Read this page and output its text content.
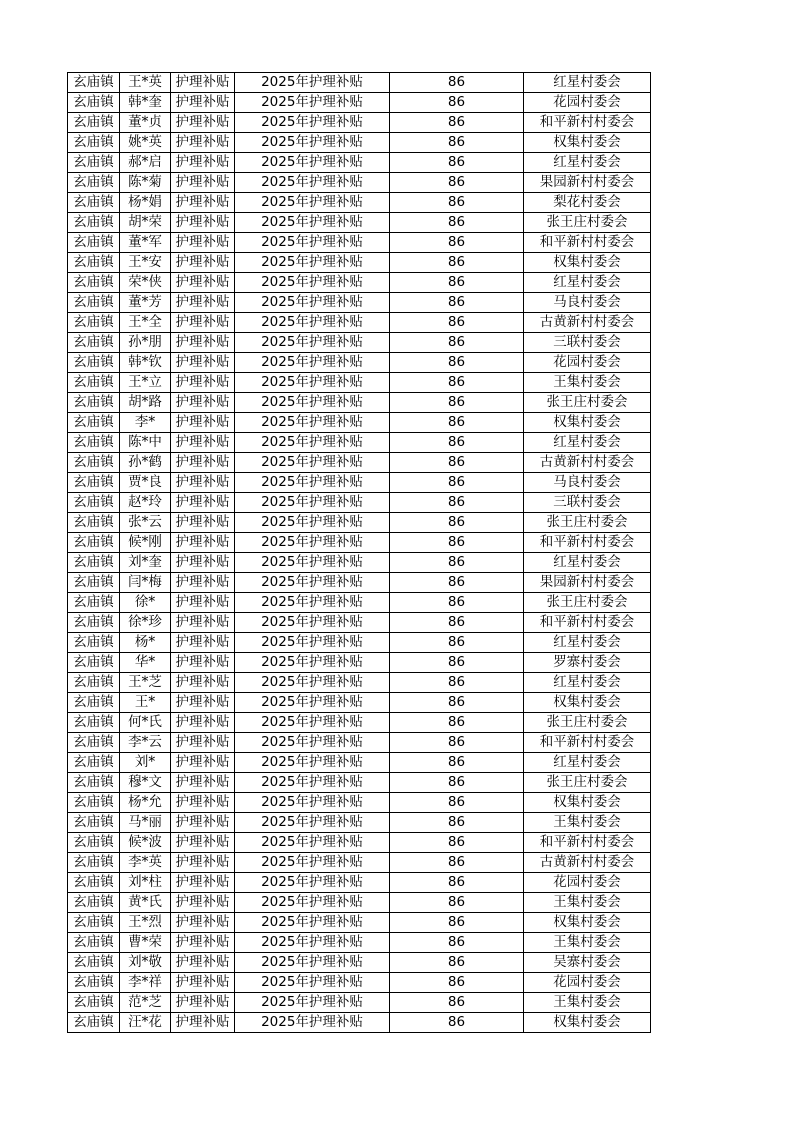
玄庙镇	王*英	护理补贴	2025年护理补贴	86	红星村委会
玄庙镇	韩*奎	护理补贴	2025年护理补贴	86	花园村委会
玄庙镇	董*贞	护理补贴	2025年护理补贴	86	和平新村村委会
玄庙镇	姚*英	护理补贴	2025年护理补贴	86	权集村委会
玄庙镇	郝*启	护理补贴	2025年护理补贴	86	红星村委会
玄庙镇	陈*菊	护理补贴	2025年护理补贴	86	果园新村村委会
玄庙镇	杨*娟	护理补贴	2025年护理补贴	86	梨花村委会
玄庙镇	胡*荣	护理补贴	2025年护理补贴	86	张王庄村委会
玄庙镇	董*军	护理补贴	2025年护理补贴	86	和平新村村委会
玄庙镇	王*安	护理补贴	2025年护理补贴	86	权集村委会
玄庙镇	荣*侠	护理补贴	2025年护理补贴	86	红星村委会
玄庙镇	董*芳	护理补贴	2025年护理补贴	86	马良村委会
玄庙镇	王*全	护理补贴	2025年护理补贴	86	古黄新村村委会
玄庙镇	孙*朋	护理补贴	2025年护理补贴	86	三联村委会
玄庙镇	韩*钦	护理补贴	2025年护理补贴	86	花园村委会
玄庙镇	王*立	护理补贴	2025年护理补贴	86	王集村委会
玄庙镇	胡*路	护理补贴	2025年护理补贴	86	张王庄村委会
玄庙镇	李*	护理补贴	2025年护理补贴	86	权集村委会
玄庙镇	陈*中	护理补贴	2025年护理补贴	86	红星村委会
玄庙镇	孙*鹤	护理补贴	2025年护理补贴	86	古黄新村村委会
玄庙镇	贾*良	护理补贴	2025年护理补贴	86	马良村委会
玄庙镇	赵*玲	护理补贴	2025年护理补贴	86	三联村委会
玄庙镇	张*云	护理补贴	2025年护理补贴	86	张王庄村委会
玄庙镇	候*刚	护理补贴	2025年护理补贴	86	和平新村村委会
玄庙镇	刘*奎	护理补贴	2025年护理补贴	86	红星村委会
玄庙镇	闫*梅	护理补贴	2025年护理补贴	86	果园新村村委会
玄庙镇	徐*	护理补贴	2025年护理补贴	86	张王庄村委会
玄庙镇	徐*珍	护理补贴	2025年护理补贴	86	和平新村村委会
玄庙镇	杨*	护理补贴	2025年护理补贴	86	红星村委会
玄庙镇	华*	护理补贴	2025年护理补贴	86	罗寨村委会
玄庙镇	王*芝	护理补贴	2025年护理补贴	86	红星村委会
玄庙镇	王*	护理补贴	2025年护理补贴	86	权集村委会
玄庙镇	何*氏	护理补贴	2025年护理补贴	86	张王庄村委会
玄庙镇	李*云	护理补贴	2025年护理补贴	86	和平新村村委会
玄庙镇	刘*	护理补贴	2025年护理补贴	86	红星村委会
玄庙镇	穆*文	护理补贴	2025年护理补贴	86	张王庄村委会
玄庙镇	杨*允	护理补贴	2025年护理补贴	86	权集村委会
玄庙镇	马*丽	护理补贴	2025年护理补贴	86	王集村委会
玄庙镇	候*波	护理补贴	2025年护理补贴	86	和平新村村委会
玄庙镇	李*英	护理补贴	2025年护理补贴	86	古黄新村村委会
玄庙镇	刘*柱	护理补贴	2025年护理补贴	86	花园村委会
玄庙镇	黄*氏	护理补贴	2025年护理补贴	86	王集村委会
玄庙镇	王*烈	护理补贴	2025年护理补贴	86	权集村委会
玄庙镇	曹*荣	护理补贴	2025年护理补贴	86	王集村委会
玄庙镇	刘*敬	护理补贴	2025年护理补贴	86	吴寨村委会
玄庙镇	李*祥	护理补贴	2025年护理补贴	86	花园村委会
玄庙镇	范*芝	护理补贴	2025年护理补贴	86	王集村委会
玄庙镇	汪*花	护理补贴	2025年护理补贴	86	权集村委会
